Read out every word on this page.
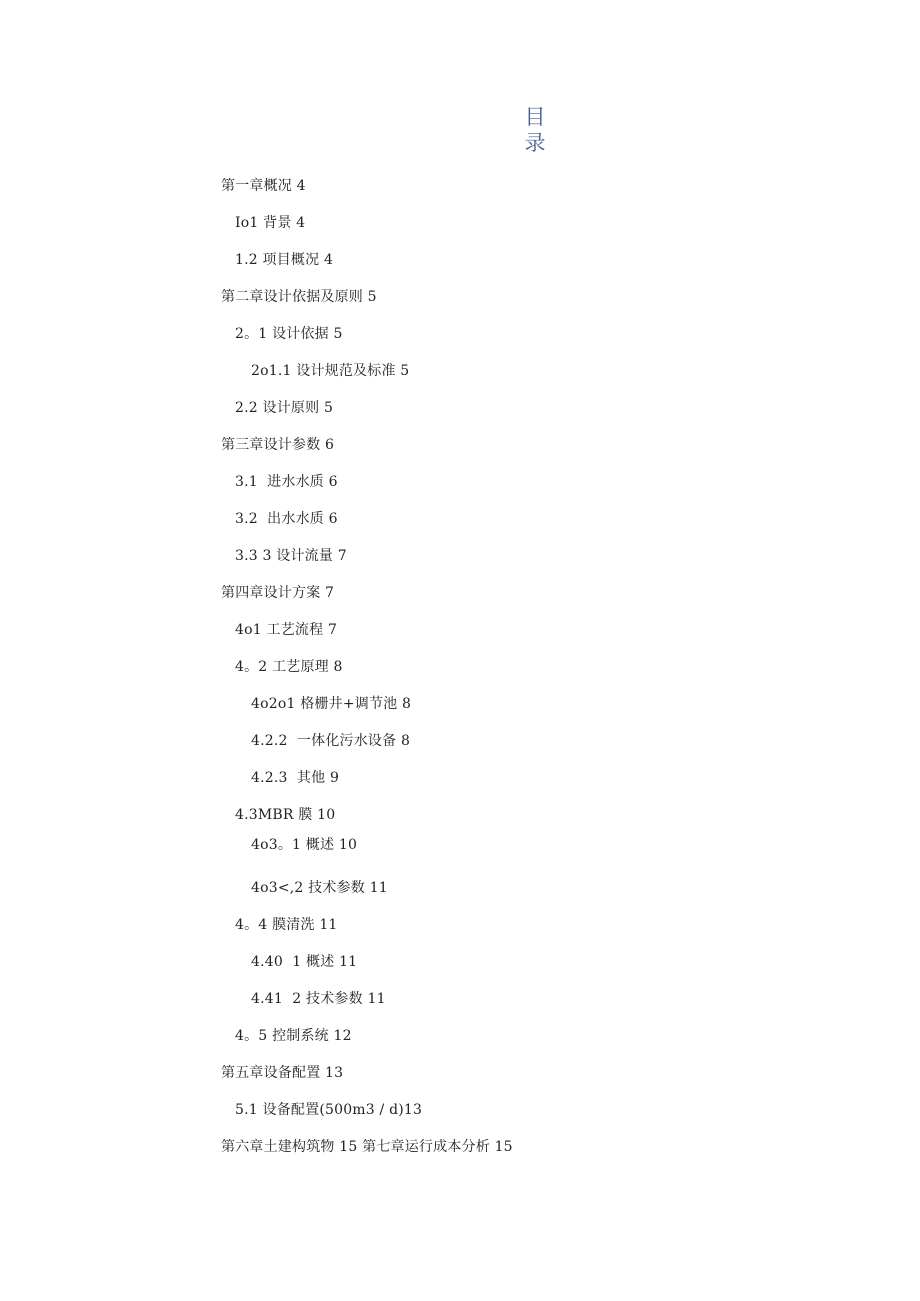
目
录
第一章概况 4
Io1 背景 4
1.2 项目概况 4
第二章设计依据及原则 5
2。1 设计依据 5
2o1.1 设计规范及标准 5
2.2 设计原则 5
第三章设计参数 6
3.1  进水水质 6
3.2  出水水质 6
3.3 3 设计流量 7
第四章设计方案 7
4o1 工艺流程 7
4。2 工艺原理 8
4o2o1 格栅井+调节池 8
4.2.2  一体化污水设备 8
4.2.3  其他 9
4.3MBR 膜 10
4o3。1 概述 10
4o3<,2 技术参数 11
4。4 膜清洗 11
4.40  1 概述 11
4.41  2 技术参数 11
4。5 控制系统 12
第五章设备配置 13
5.1 设备配置(500m3 / d)13
第六章土建构筑物 15 第七章运行成本分析 15
